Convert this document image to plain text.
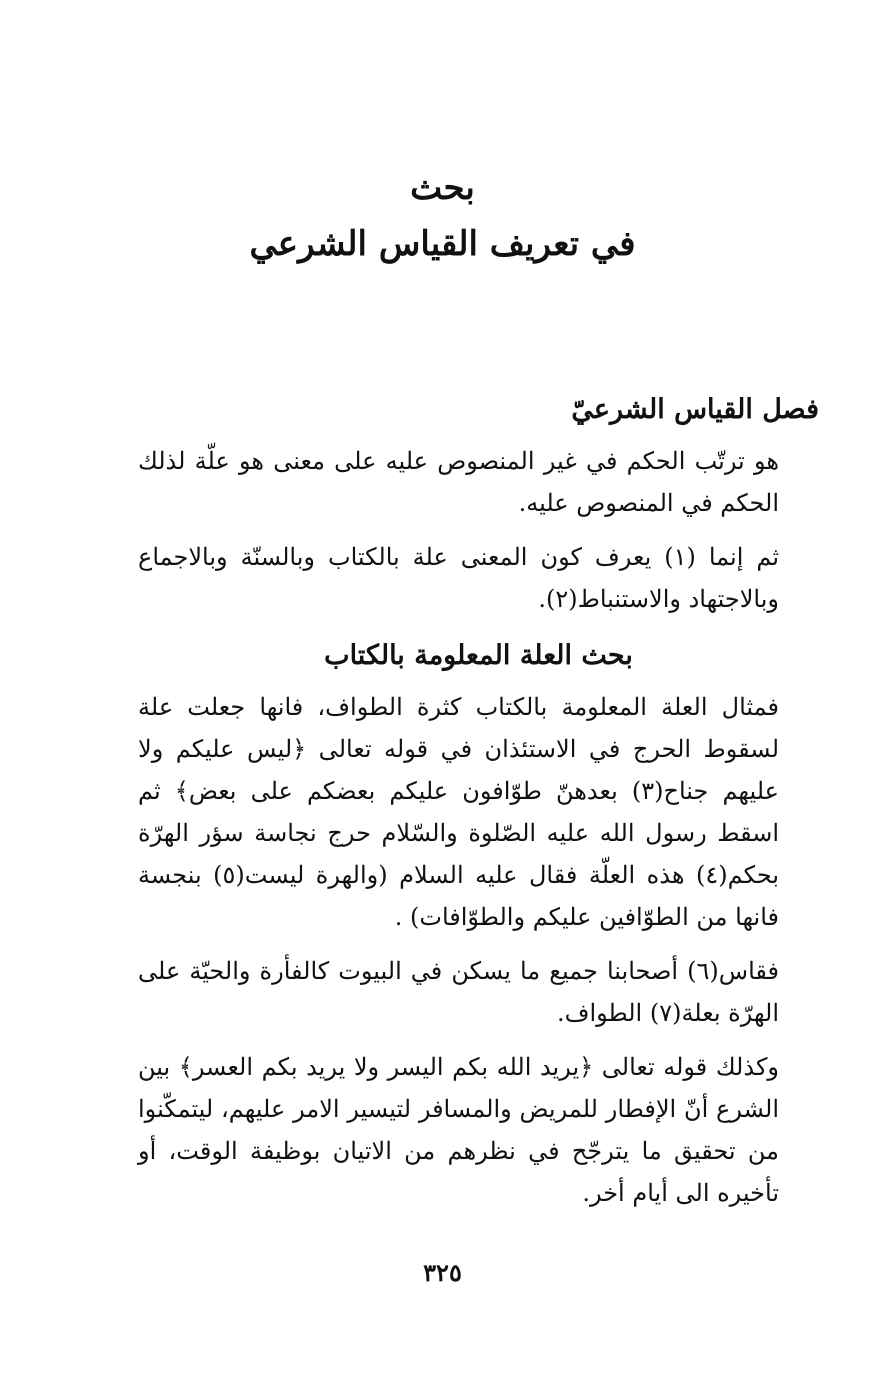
بحث
في تعريف القياس الشرعي
فصل القياس الشرعيّ

هو ترتّب الحكم في غير المنصوص عليه على معنى هو علّة لذلك الحكم في المنصوص عليه.

ثم إنما (١) يعرف كون المعنى علة بالكتاب وبالسنّة وبالاجماع وبالاجتهاد والاستنباط(٢).

بحث العلة المعلومة بالكتاب

فمثال العلة المعلومة بالكتاب كثرة الطواف، فانها جعلت علة لسقوط الحرج في الاستئذان في قوله تعالى ﴿ليس عليكم ولا عليهم جناح(٣) بعدهنّ طوّافون عليكم بعضكم على بعض﴾ ثم اسقط رسول الله عليه الصّلوة والسّلام حرج نجاسة سؤر الهرّة بحكم(٤) هذه العلّة فقال عليه السلام (والهرة ليست(٥) بنجسة فانها من الطوّافين عليكم والطوّافات) .

فقاس(٦) أصحابنا جميع ما يسكن في البيوت كالفأرة والحيّة على الهرّة بعلة(٧) الطواف.

وكذلك قوله تعالى ﴿يريد الله بكم اليسر ولا يريد بكم العسر﴾ بين الشرع أنّ الإفطار للمريض والمسافر لتيسير الامر عليهم، ليتمكّنوا من تحقيق ما يترجّح في نظرهم من الاتيان بوظيفة الوقت، أو تأخيره الى أيام أخر.

٣٢٥
